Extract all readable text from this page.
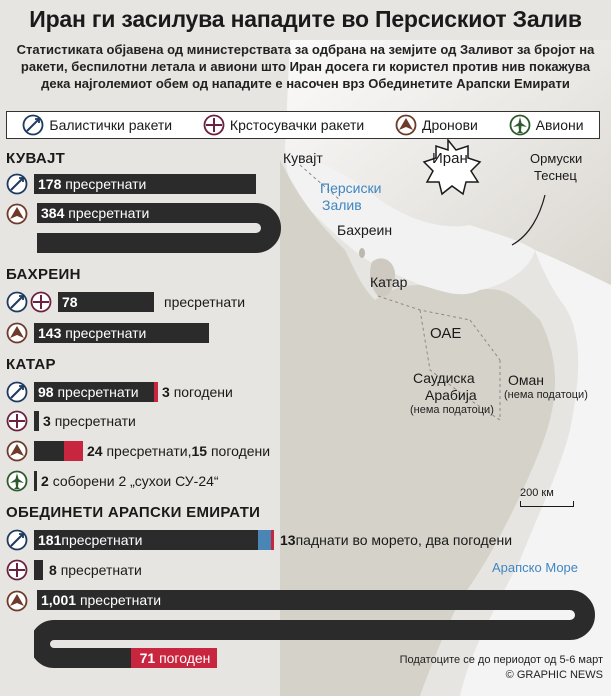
Иран ги засилува нападите во Персискиот Залив
Статистиката објавена од министерствата за одбрана на земјите од Заливот за бројот на ракети, беспилотни летала и авиони што Иран досега ги користел против нив покажува дека најголемиот обем од нападите е насочен врз Обединетите Арапски Емирати
Балистички ракети	Крстосувачки ракети	Дронови	Авиони
Кувајт	Иран	Ормуски
Теснец
Персиски
Залив
Бахреин
Катар
ОАЕ
Саудиска
Арабија
(нема податоци)
Оман
(нема податоци)
Арапско Море
200 км
КУВАЈТ
178 пресретнати
384 пресретнати
БАХРЕИН
78	пресретнати
143 пресретнати
КАТАР
98 пресретнати 3 погодени
3 пресретнати
24 пресретнати,15 погодени
2 соборени 2 „сухои СУ-24“
ОБЕДИНЕТИ АРАПСКИ ЕМИРАТИ
181пресретнати	13паднати во морето, два погодени
8 пресретнати
1,001 пресретнати
71 погоден	Податоците се до периодот од 5-6 март
© GRAPHIC NEWS
